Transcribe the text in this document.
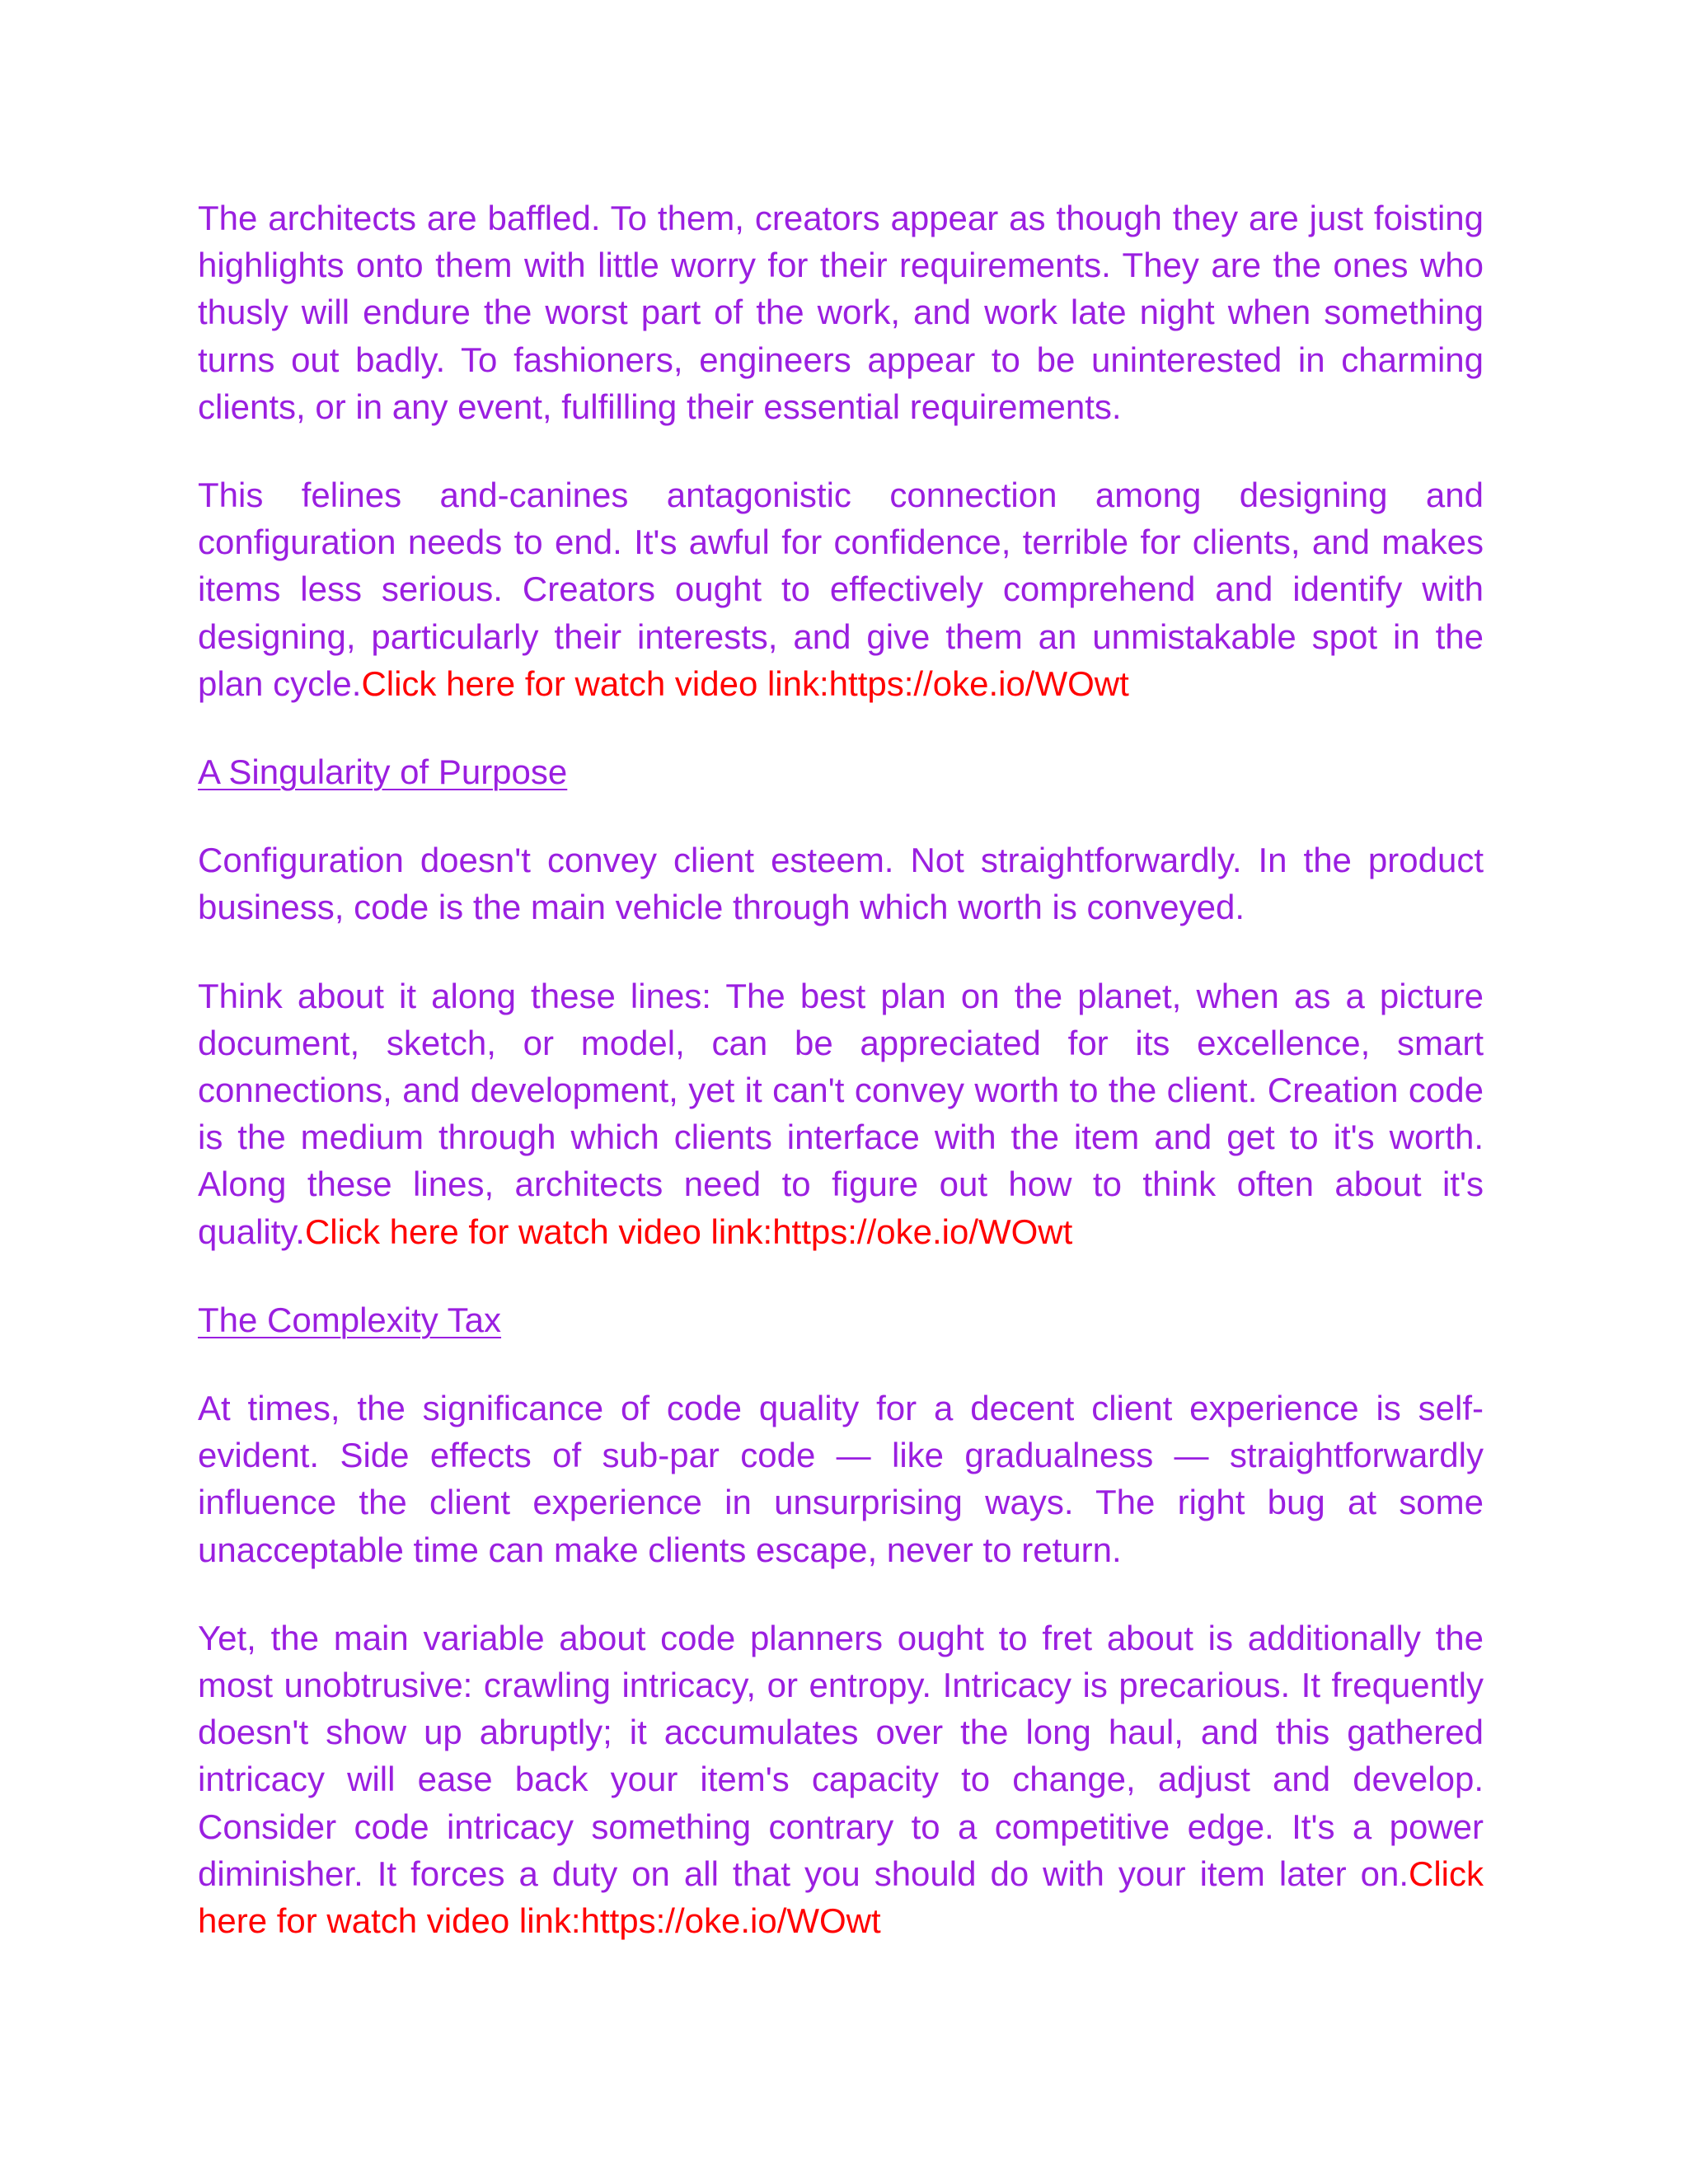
The architects are baffled. To them, creators appear as though they are just foisting highlights onto them with little worry for their requirements. They are the ones who thusly will endure the worst part of the work, and work late night when something turns out badly. To fashioners, engineers appear to be uninterested in charming clients, or in any event, fulfilling their essential requirements.

This felines and-canines antagonistic connection among designing and configuration needs to end. It's awful for confidence, terrible for clients, and makes items less serious. Creators ought to effectively comprehend and identify with designing, particularly their interests, and give them an unmistakable spot in the plan cycle.Click here for watch video link:https://oke.io/WOwt

A Singularity of Purpose

Configuration doesn't convey client esteem. Not straightforwardly. In the product business, code is the main vehicle through which worth is conveyed.

Think about it along these lines: The best plan on the planet, when as a picture document, sketch, or model, can be appreciated for its excellence, smart connections, and development, yet it can't convey worth to the client. Creation code is the medium through which clients interface with the item and get to it's worth. Along these lines, architects need to figure out how to think often about it's quality.Click here for watch video link:https://oke.io/WOwt

The Complexity Tax

At times, the significance of code quality for a decent client experience is self-evident. Side effects of sub-par code — like gradualness — straightforwardly influence the client experience in unsurprising ways. The right bug at some unacceptable time can make clients escape, never to return.

Yet, the main variable about code planners ought to fret about is additionally the most unobtrusive: crawling intricacy, or entropy. Intricacy is precarious. It frequently doesn't show up abruptly; it accumulates over the long haul, and this gathered intricacy will ease back your item's capacity to change, adjust and develop. Consider code intricacy something contrary to a competitive edge. It's a power diminisher. It forces a duty on all that you should do with your item later on.Click here for watch video link:https://oke.io/WOwt
